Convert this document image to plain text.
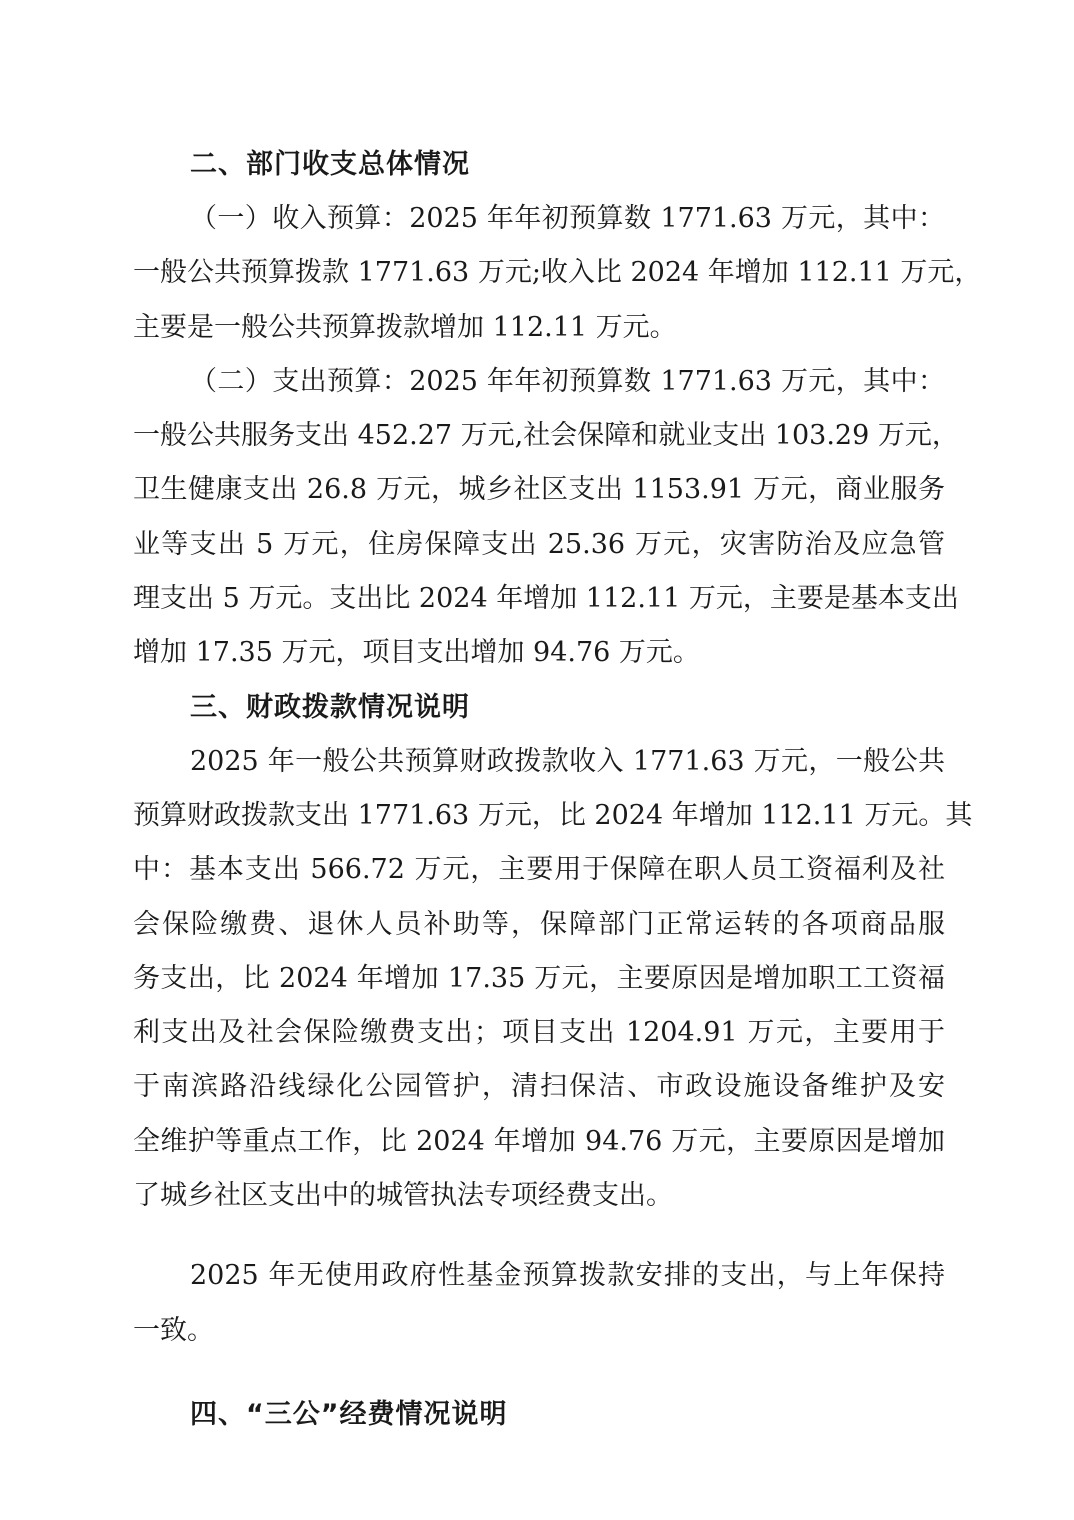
二、部门收支总体情况
（一）收入预算：2025 年年初预算数 1771.63 万元，其中：
一般公共预算拨款 1771.63 万元;收入比 2024 年增加 112.11 万元，
主要是一般公共预算拨款增加 112.11 万元。
（二）支出预算：2025 年年初预算数 1771.63 万元，其中：
一般公共服务支出 452.27 万元,社会保障和就业支出 103.29 万元，
卫生健康支出 26.8 万元，城乡社区支出 1153.91 万元，商业服务
业等支出 5 万元，住房保障支出 25.36 万元，灾害防治及应急管
理支出 5 万元。支出比 2024 年增加 112.11 万元，主要是基本支出
增加 17.35 万元，项目支出增加 94.76 万元。
三、财政拨款情况说明
2025 年一般公共预算财政拨款收入 1771.63 万元，一般公共
预算财政拨款支出 1771.63 万元，比 2024 年增加 112.11 万元。其
中：基本支出 566.72 万元，主要用于保障在职人员工资福利及社
会保险缴费、退休人员补助等，保障部门正常运转的各项商品服
务支出，比 2024 年增加 17.35 万元，主要原因是增加职工工资福
利支出及社会保险缴费支出；项目支出 1204.91 万元，主要用于
于南滨路沿线绿化公园管护，清扫保洁、市政设施设备维护及安
全维护等重点工作，比 2024 年增加 94.76 万元，主要原因是增加
了城乡社区支出中的城管执法专项经费支出。
2025 年无使用政府性基金预算拨款安排的支出，与上年保持
一致。
四、“三公”经费情况说明
